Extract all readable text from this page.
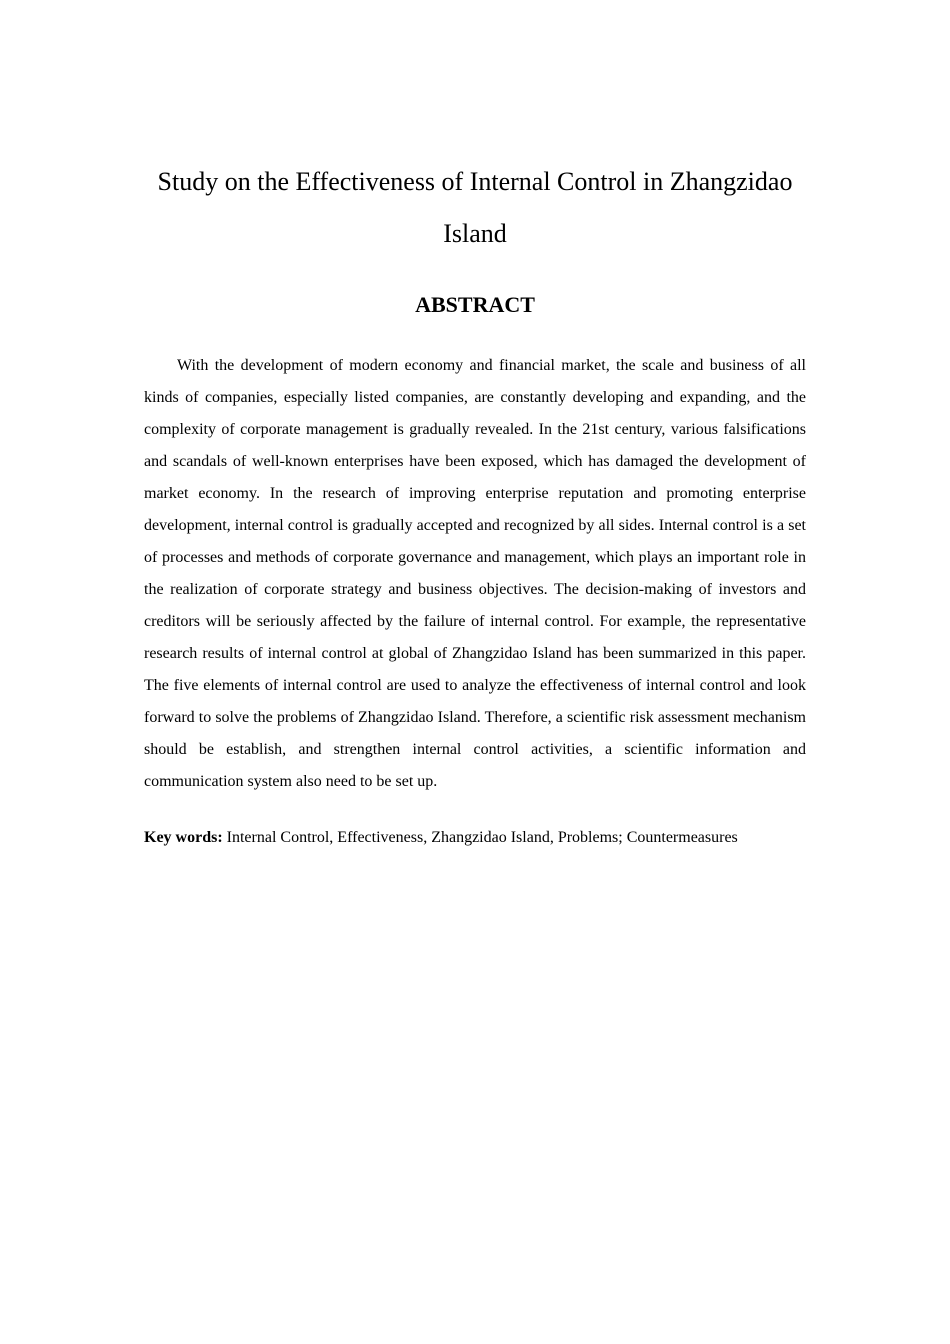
Study on the Effectiveness of Internal Control in Zhangzidao Island
ABSTRACT

With the development of modern economy and financial market, the scale and business of all kinds of companies, especially listed companies, are constantly developing and expanding, and the complexity of corporate management is gradually revealed. In the 21st century, various falsifications and scandals of well-known enterprises have been exposed, which has damaged the development of market economy. In the research of improving enterprise reputation and promoting enterprise development, internal control is gradually accepted and recognized by all sides. Internal control is a set of processes and methods of corporate governance and management, which plays an important role in the realization of corporate strategy and business objectives. The decision-making of investors and creditors will be seriously affected by the failure of internal control. For example, the representative research results of internal control at global of Zhangzidao Island has been summarized in this paper. The five elements of internal control are used to analyze the effectiveness of internal control and look forward to solve the problems of Zhangzidao Island. Therefore, a scientific risk assessment mechanism should be establish, and strengthen internal control activities, a scientific information and communication system also need to be set up.

Key words: Internal Control, Effectiveness, Zhangzidao Island, Problems; Countermeasures
